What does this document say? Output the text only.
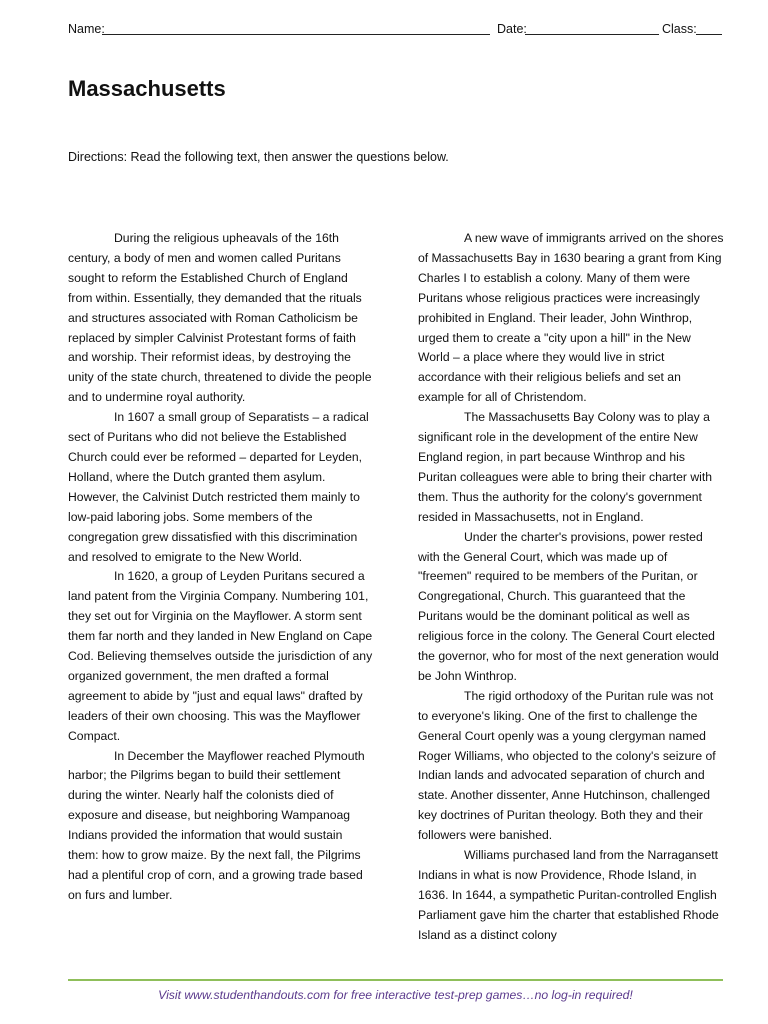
Name:	Date:	Class:
Massachusetts
Directions: Read the following text, then answer the questions below.

During the religious upheavals of the 16th century, a body of men and women called Puritans sought to reform the Established Church of England from within. Essentially, they demanded that the rituals and structures associated with Roman Catholicism be replaced by simpler Calvinist Protestant forms of faith and worship. Their reformist ideas, by destroying the unity of the state church, threatened to divide the people and to undermine royal authority.

In 1607 a small group of Separatists – a radical sect of Puritans who did not believe the Established Church could ever be reformed – departed for Leyden, Holland, where the Dutch granted them asylum. However, the Calvinist Dutch restricted them mainly to low-paid laboring jobs. Some members of the congregation grew dissatisfied with this discrimination and resolved to emigrate to the New World.

In 1620, a group of Leyden Puritans secured a land patent from the Virginia Company. Numbering 101, they set out for Virginia on the Mayflower. A storm sent them far north and they landed in New England on Cape Cod. Believing themselves outside the jurisdiction of any organized government, the men drafted a formal agreement to abide by "just and equal laws" drafted by leaders of their own choosing. This was the Mayflower Compact.

In December the Mayflower reached Plymouth harbor; the Pilgrims began to build their settlement during the winter. Nearly half the colonists died of exposure and disease, but neighboring Wampanoag Indians provided the information that would sustain them: how to grow maize. By the next fall, the Pilgrims had a plentiful crop of corn, and a growing trade based on furs and lumber.

A new wave of immigrants arrived on the shores of Massachusetts Bay in 1630 bearing a grant from King Charles I to establish a colony. Many of them were Puritans whose religious practices were increasingly prohibited in England. Their leader, John Winthrop, urged them to create a "city upon a hill" in the New World – a place where they would live in strict accordance with their religious beliefs and set an example for all of Christendom.

The Massachusetts Bay Colony was to play a significant role in the development of the entire New England region, in part because Winthrop and his Puritan colleagues were able to bring their charter with them. Thus the authority for the colony's government resided in Massachusetts, not in England.

Under the charter's provisions, power rested with the General Court, which was made up of "freemen" required to be members of the Puritan, or Congregational, Church. This guaranteed that the Puritans would be the dominant political as well as religious force in the colony. The General Court elected the governor, who for most of the next generation would be John Winthrop.

The rigid orthodoxy of the Puritan rule was not to everyone's liking. One of the first to challenge the General Court openly was a young clergyman named Roger Williams, who objected to the colony's seizure of Indian lands and advocated separation of church and state. Another dissenter, Anne Hutchinson, challenged key doctrines of Puritan theology. Both they and their followers were banished.

Williams purchased land from the Narragansett Indians in what is now Providence, Rhode Island, in 1636. In 1644, a sympathetic Puritan-controlled English Parliament gave him the charter that established Rhode Island as a distinct colony

Visit www.studenthandouts.com for free interactive test-prep games…no log-in required!
